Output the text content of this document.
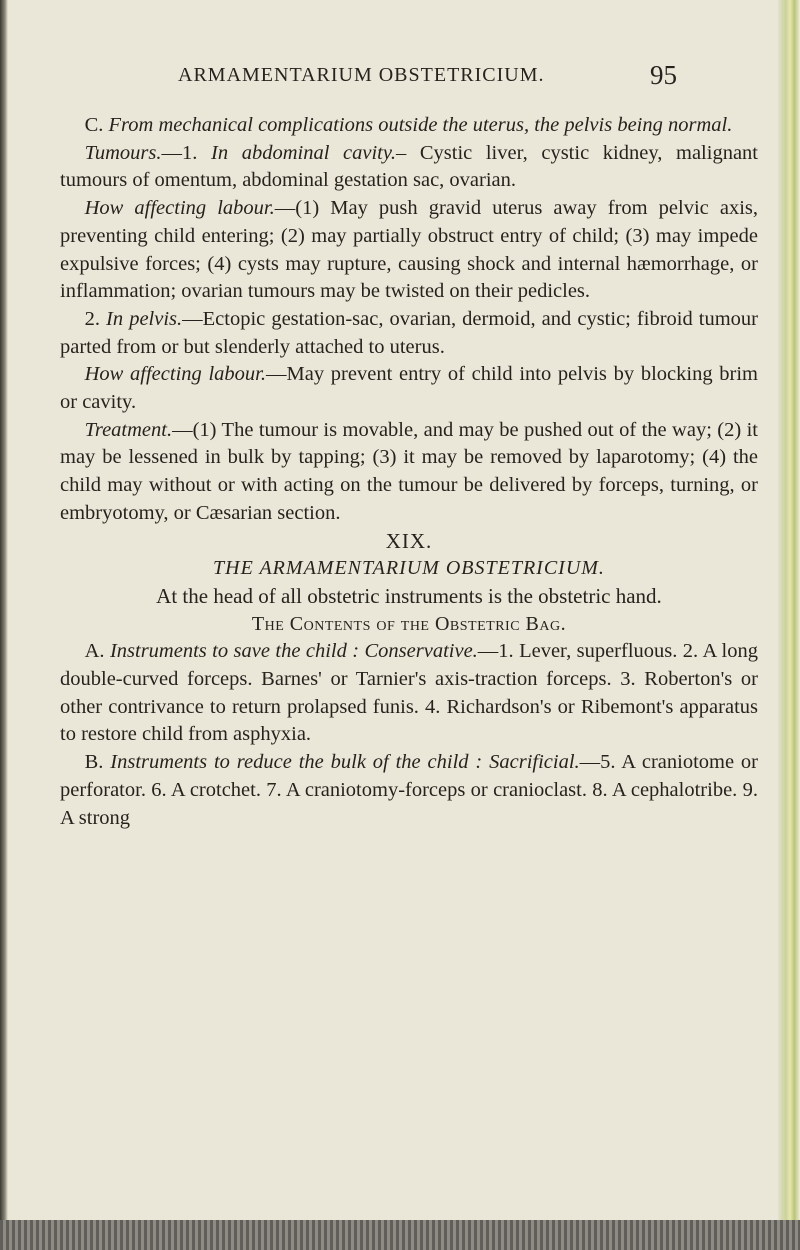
ARMAMENTARIUM OBSTETRICIUM.	95

C. From mechanical complications outside the uterus, the pelvis being normal.

Tumours.—1. In abdominal cavity.– Cystic liver, cystic kidney, malignant tumours of omentum, abdominal gestation sac, ovarian.

How affecting labour.—(1) May push gravid uterus away from pelvic axis, preventing child entering; (2) may partially obstruct entry of child; (3) may impede expulsive forces; (4) cysts may rupture, causing shock and internal hæmorrhage, or inflammation; ovarian tumours may be twisted on their pedicles.

2. In pelvis.—Ectopic gestation-sac, ovarian, dermoid, and cystic; fibroid tumour parted from or but slenderly attached to uterus.

How affecting labour.—May prevent entry of child into pelvis by blocking brim or cavity.

Treatment.—(1) The tumour is movable, and may be pushed out of the way; (2) it may be lessened in bulk by tapping; (3) it may be removed by laparotomy; (4) the child may without or with acting on the tumour be delivered by forceps, turning, or embryotomy, or Cæsarian section.

XIX.

THE ARMAMENTARIUM OBSTETRICIUM.

At the head of all obstetric instruments is the obstetric hand.

The Contents of the Obstetric Bag.

A. Instruments to save the child : Conservative.—1. Lever, superfluous. 2. A long double-curved forceps. Barnes' or Tarnier's axis-traction forceps. 3. Roberton's or other contrivance to return prolapsed funis. 4. Richardson's or Ribemont's apparatus to restore child from asphyxia.

B. Instruments to reduce the bulk of the child : Sacrificial.—5. A craniotome or perforator. 6. A crotchet. 7. A craniotomy-forceps or cranioclast. 8. A cephalotribe. 9. A strong
